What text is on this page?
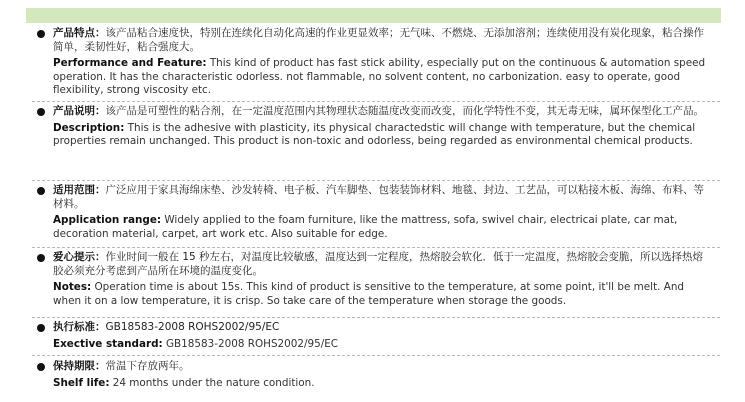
产品特点：该产品粘合速度快，特别在连续化自动化高速的作业更显效率；无气味、不燃烧、无添加溶剂；连续使用没有炭化现象，粘合操作简单，柔韧性好，粘合强度大。
Performance and Feature: This kind of product has fast stick ability, especially put on the continuous & automation speed operation. It has the characteristic odorless. not flammable, no solvent content, no carbonization. easy to operate, good flexibility, strong viscosity etc.
产品说明：该产品是可塑性的粘合剂，在一定温度范围内其物理状态随温度改变而改变，而化学特性不变，其无毒无味，属环保型化工产品。
Description: This is the adhesive with plasticity, its physical charactedstic will change with temperature, but the chemical properties remain unchanged. This product is non-toxic and odorless, being regarded as environmental chemical products.
适用范围：广泛应用于家具海绵床垫、沙发转椅、电子板、汽车脚垫、包装装饰材料、地毯、封边、工艺品，可以粘接木板、海绵、布料、等材料。
Application range: Widely applied to the foam furniture, like the mattress, sofa, swivel chair, electricai plate, car mat, decoration material, carpet, art work etc. Also suitable for edge.
爱心提示：作业时间一般在 15 秒左右，对温度比较敏感，温度达到一定程度，热熔胶会软化．低于一定温度，热熔胶会变脆，所以选择热熔胶必须充分考虑到产品所在环境的温度变化。
Notes: Operation time is about 15s. This kind of product is sensitive to the temperature, at some point, it'll be melt. And when it on a low temperature, it is crisp. So take care of the temperature when storage the goods.
执行标准：GB18583-2008 ROHS2002/95/EC
Exective standard: GB18583-2008 ROHS2002/95/EC
保持期限：常温下存放两年。
Shelf life: 24 months under the nature condition.
